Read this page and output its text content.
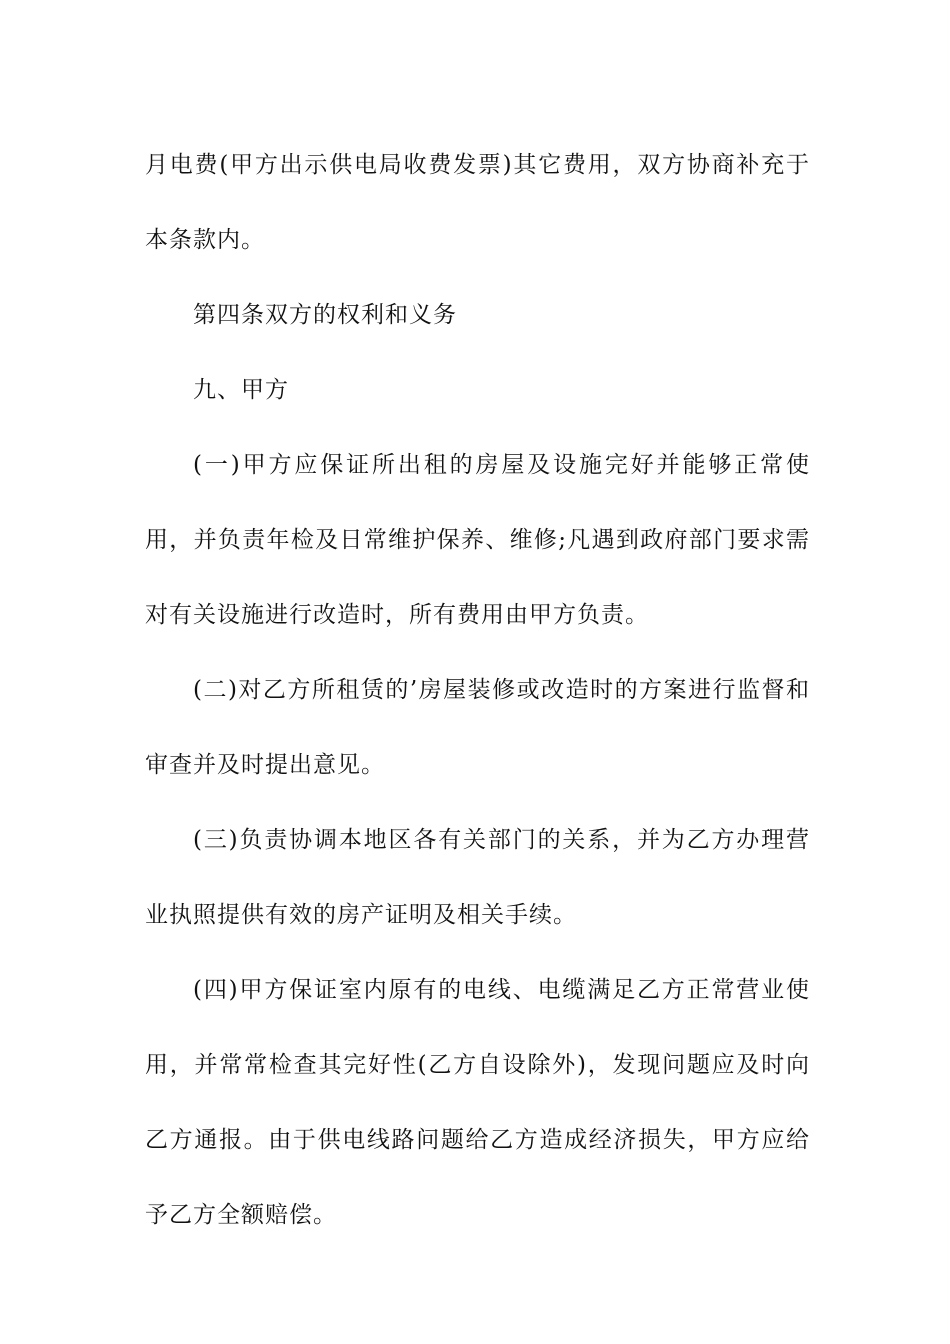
月电费(甲方出示供电局收费发票)其它费用，双方协商补充于本条款内。

第四条双方的权利和义务

九、甲方

(一)甲方应保证所出租的房屋及设施完好并能够正常使用，并负责年检及日常维护保养、维修;凡遇到政府部门要求需对有关设施进行改造时，所有费用由甲方负责。

(二)对乙方所租赁的’房屋装修或改造时的方案进行监督和审查并及时提出意见。

(三)负责协调本地区各有关部门的关系，并为乙方办理营业执照提供有效的房产证明及相关手续。

(四)甲方保证室内原有的电线、电缆满足乙方正常营业使用，并常常检查其完好性(乙方自设除外)，发现问题应及时向乙方通报。由于供电线路问题给乙方造成经济损失，甲方应给予乙方全额赔偿。
